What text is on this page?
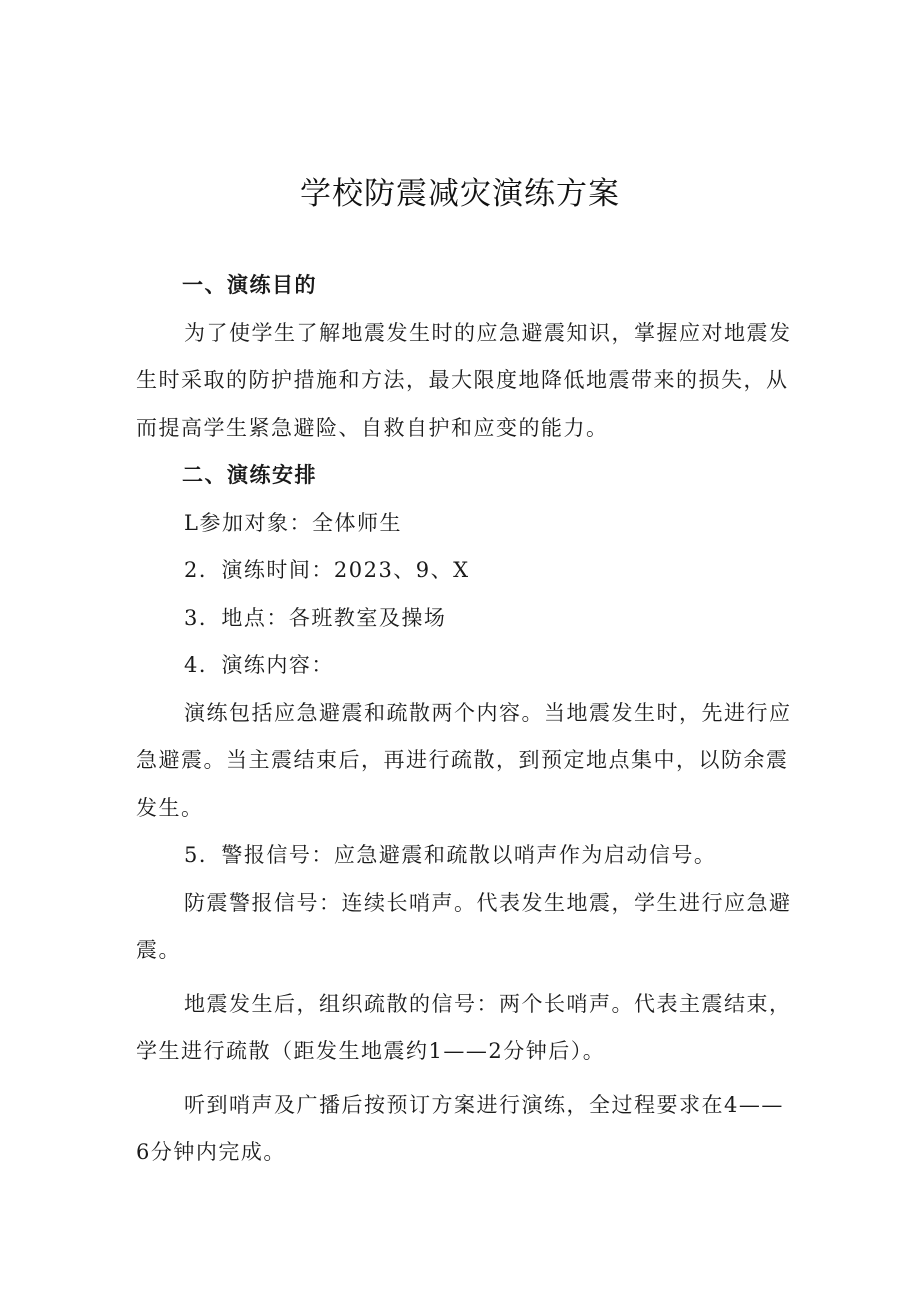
学校防震减灾演练方案

一、演练目的

为了使学生了解地震发生时的应急避震知识，掌握应对地震发生时采取的防护措施和方法，最大限度地降低地震带来的损失，从而提高学生紧急避险、自救自护和应变的能力。

二、演练安排

L参加对象：全体师生

2．演练时间：2023、9、X

3．地点：各班教室及操场

4．演练内容：

演练包括应急避震和疏散两个内容。当地震发生时，先进行应急避震。当主震结束后，再进行疏散，到预定地点集中，以防余震发生。

5．警报信号：应急避震和疏散以哨声作为启动信号。

防震警报信号：连续长哨声。代表发生地震，学生进行应急避震。

地震发生后，组织疏散的信号：两个长哨声。代表主震结束，学生进行疏散（距发生地震约1——2分钟后）。

听到哨声及广播后按预订方案进行演练，全过程要求在4——6分钟内完成。
